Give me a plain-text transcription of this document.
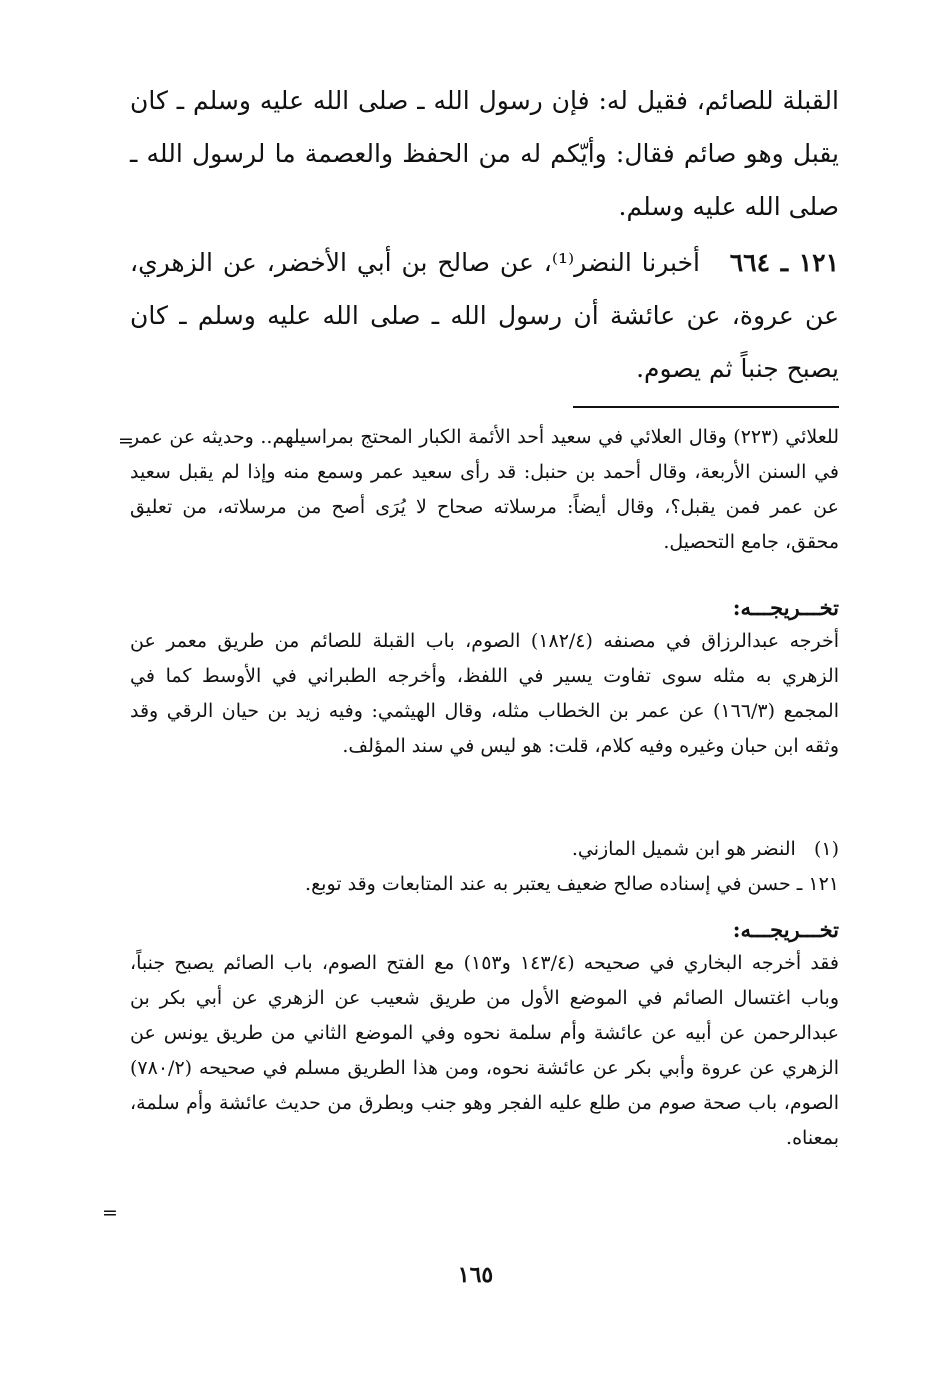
القبلة للصائم، فقيل له: فإن رسول الله ـ صلى الله عليه وسلم ـ كان يقبل وهو صائم فقال: وأيّكم له من الحفظ والعصمة ما لرسول الله ـ صلى الله عليه وسلم.

١٢١ ـ ٦٦٤   أخبرنا النضر⁽¹⁾، عن صالح بن أبي الأخضر، عن الزهري، عن عروة، عن عائشة أن رسول الله ـ صلى الله عليه وسلم ـ كان يصبح جنباً ثم يصوم.

=

للعلائي (٢٢٣) وقال العلائي في سعيد أحد الأئمة الكبار المحتج بمراسيلهم.. وحديثه عن عمر في السنن الأربعة، وقال أحمد بن حنبل: قد رأى سعيد عمر وسمع منه وإذا لم يقبل سعيد عن عمر فمن يقبل؟، وقال أيضاً: مرسلاته صحاح لا يُرَى أصح من مرسلاته، من تعليق محقق، جامع التحصيل.

تخـــريجـــه:

أخرجه عبدالرزاق في مصنفه (١٨٢/٤) الصوم، باب القبلة للصائم من طريق معمر عن الزهري به مثله سوى تفاوت يسير في اللفظ، وأخرجه الطبراني في الأوسط كما في المجمع (١٦٦/٣) عن عمر بن الخطاب مثله، وقال الهيثمي: وفيه زيد بن حيان الرقي وقد وثقه ابن حبان وغيره وفيه كلام، قلت: هو ليس في سند المؤلف.

(١)   النضر هو ابن شميل المازني.

١٢١ ـ حسن في إسناده صالح ضعيف يعتبر به عند المتابعات وقد توبع.

تخـــريجـــه:

فقد أخرجه البخاري في صحيحه (١٤٣/٤ و١٥٣) مع الفتح الصوم، باب الصائم يصبح جنباً، وباب اغتسال الصائم في الموضع الأول من طريق شعيب عن الزهري عن أبي بكر بن عبدالرحمن عن أبيه عن عائشة وأم سلمة نحوه وفي الموضع الثاني من طريق يونس عن الزهري عن عروة وأبي بكر عن عائشة نحوه، ومن هذا الطريق مسلم في صحيحه (٧٨٠/٢) الصوم، باب صحة صوم من طلع عليه الفجر وهو جنب وبطرق من حديث عائشة وأم سلمة، بمعناه.

=
١٦٥
